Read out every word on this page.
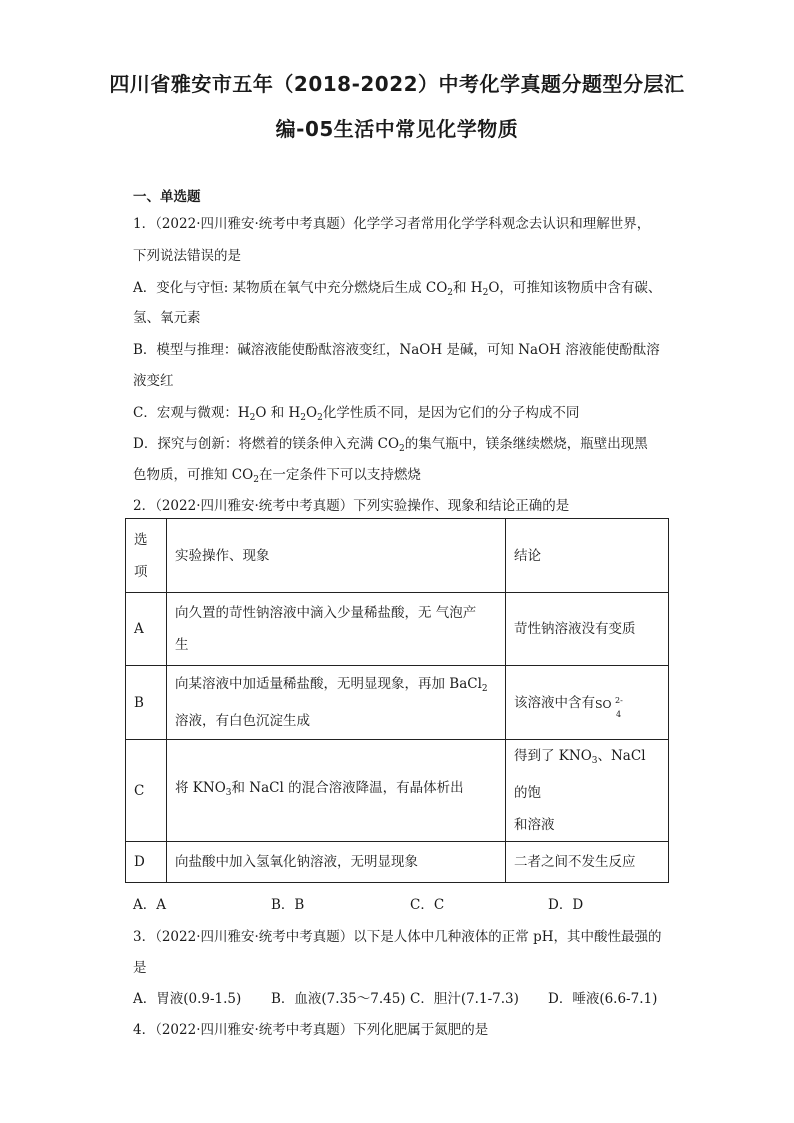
四川省雅安市五年（2018-2022）中考化学真题分题型分层汇
编-05生活中常见化学物质
一、单选题
1．（2022·四川雅安·统考中考真题）化学学习者常用化学学科观念去认识和理解世界，
下列说法错误的是
A．变化与守恒: 某物质在氧气中充分燃烧后生成 $CO_2$和 $H_2O$，可推知该物质中含有碳、
氢、氧元素
B．模型与推理：碱溶液能使酚酞溶液变红，NaOH 是碱，可知 NaOH 溶液能使酚酞溶
液变红
C．宏观与微观：$H_2O$ 和 $H_2O_2$化学性质不同，是因为它们的分子构成不同
D．探究与创新：将燃着的镁条伸入充满 $CO_2$的集气瓶中，镁条继续燃烧，瓶壁出现黑
色物质，可推知 $CO_2$在一定条件下可以支持燃烧
2．（2022·四川雅安·统考中考真题）下列实验操作、现象和结论正确的是
选
项	实验操作、现象	结论
A	向久置的苛性钠溶液中滴入少量稀盐酸，无 气泡产
生	苛性钠溶液没有变质
B	向某溶液中加适量稀盐酸，无明显现象，再加 BaCl$_2$
溶液，有白色沉淀生成	该溶液中含有 SO 2-
4

C	将 $KNO_3$和 NaCl 的混合溶液降温，有晶体析出	得到了 $KNO_3$、NaCl 的饱
和溶液
D	向盐酸中加入氢氧化钠溶液，无明显现象	二者之间不发生反应
A．A	B．B	C．C	D．D
3．（2022·四川雅安·统考中考真题）以下是人体中几种液体的正常 pH，其中酸性最强的
是
A．胃液(0.9-1.5) B．血液(7.35～7.45) C．胆汁(7.1-7.3) D．唾液(6.6-7.1)
4．（2022·四川雅安·统考中考真题）下列化肥属于氮肥的是
